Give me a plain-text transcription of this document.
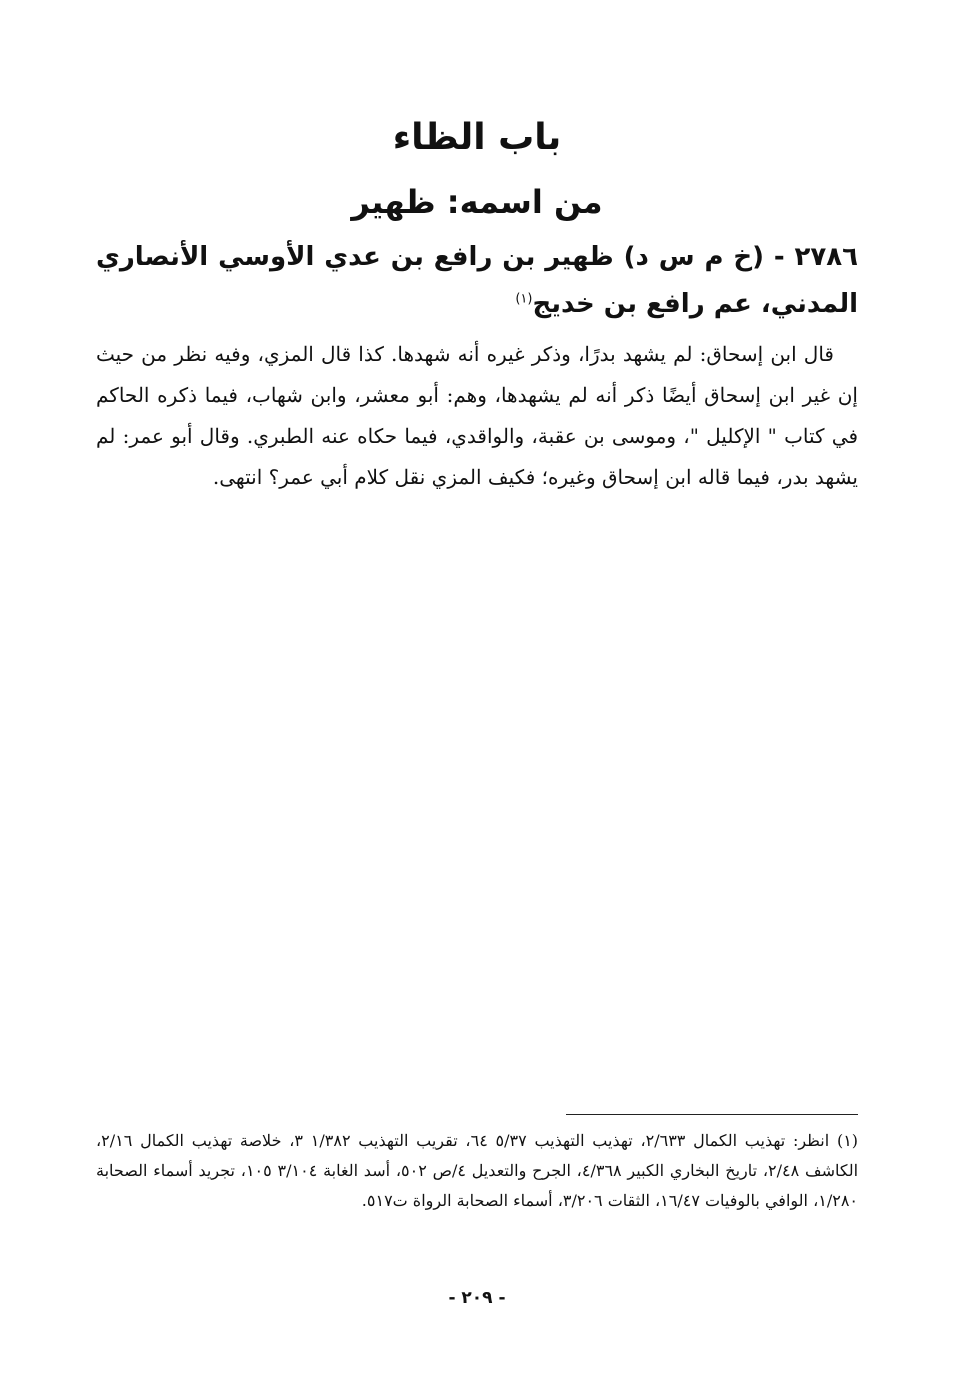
باب الظاء
من اسمه: ظهير

٢٧٨٦ - (خ م س د) ظهير بن رافع بن عدي الأوسي الأنصاري المدني، عم رافع بن خديج$^{(١)}$

قال ابن إسحاق: لم يشهد بدرًا، وذكر غيره أنه شهدها. كذا قال المزي، وفيه نظر من حيث إن غير ابن إسحاق أيضًا ذكر أنه لم يشهدها، وهم: أبو معشر، وابن شهاب، فيما ذكره الحاكم في كتاب " الإكليل "، وموسى بن عقبة، والواقدي، فيما حكاه عنه الطبري. وقال أبو عمر: لم يشهد بدر، فيما قاله ابن إسحاق وغيره؛ فكيف المزي نقل كلام أبي عمر؟ انتهى.

(١) انظر: تهذيب الكمال ٢/٦٣٣، تهذيب التهذيب ٥/٣٧ ٦٤، تقريب التهذيب ١/٣٨٢ ٣، خلاصة تهذيب الكمال ٢/١٦، الكاشف ٢/٤٨، تاريخ البخاري الكبير ٤/٣٦٨، الجرح والتعديل ٤/ص ٥٠٢، أسد الغابة ٣/١٠٤ ١٠٥، تجريد أسماء الصحابة ١/٢٨٠، الوافي بالوفيات ١٦/٤٧، الثقات ٣/٢٠٦، أسماء الصحابة الرواة ت٥١٧.

- ٢٠٩ -
